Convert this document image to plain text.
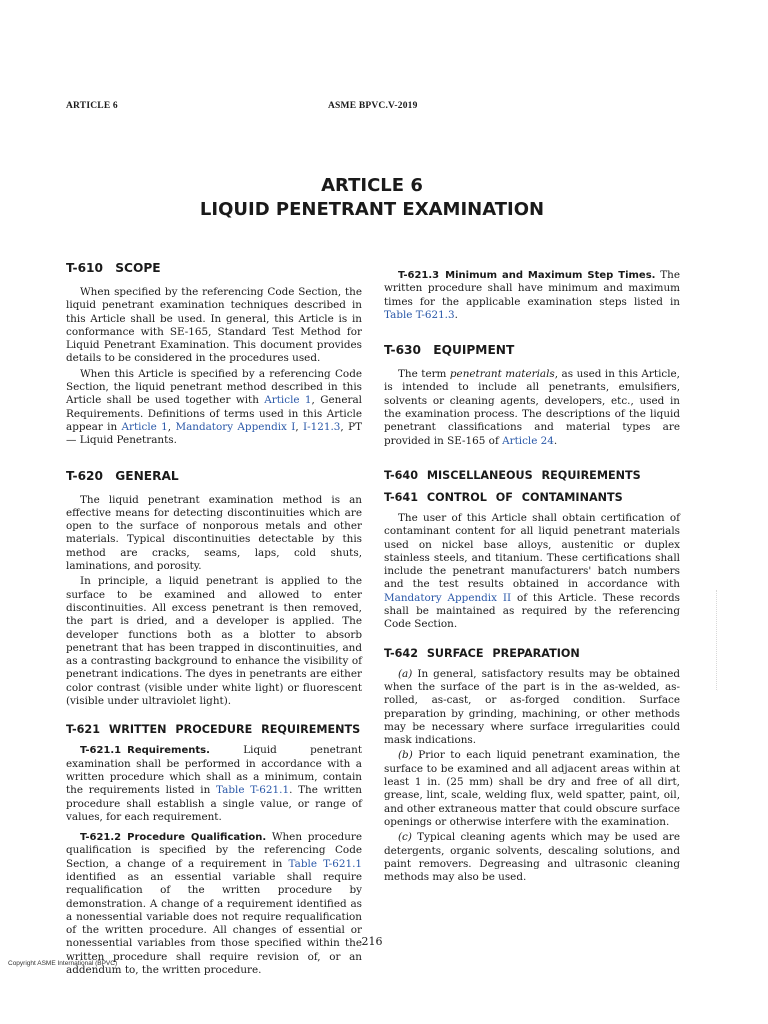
ARTICLE 6	ASME BPVC.V-2019
ARTICLE 6
LIQUID PENETRANT EXAMINATION
T-610 SCOPE

When specified by the referencing Code Section, the liquid penetrant examination techniques described in this Article shall be used. In general, this Article is in conformance with SE-165, Standard Test Method for Liquid Penetrant Examination. This document provides details to be considered in the procedures used.

When this Article is specified by a referencing Code Section, the liquid penetrant method described in this Article shall be used together with Article 1, General Requirements. Definitions of terms used in this Article appear in Article 1, Mandatory Appendix I, I-121.3, PT — Liquid Penetrants.

T-620 GENERAL

The liquid penetrant examination method is an effective means for detecting discontinuities which are open to the surface of nonporous metals and other materials. Typical discontinuities detectable by this method are cracks, seams, laps, cold shuts, laminations, and porosity.

In principle, a liquid penetrant is applied to the surface to be examined and allowed to enter discontinuities. All excess penetrant is then removed, the part is dried, and a developer is applied. The developer functions both as a blotter to absorb penetrant that has been trapped in discontinuities, and as a contrasting background to enhance the visibility of penetrant indications. The dyes in penetrants are either color contrast (visible under white light) or fluorescent (visible under ultraviolet light).

T-621 WRITTEN PROCEDURE REQUIREMENTS

T-621.1 Requirements. Liquid penetrant examination shall be performed in accordance with a written procedure which shall as a minimum, contain the requirements listed in Table T-621.1. The written procedure shall establish a single value, or range of values, for each requirement.

T-621.2 Procedure Qualification. When procedure qualification is specified by the referencing Code Section, a change of a requirement in Table T-621.1 identified as an essential variable shall require requalification of the written procedure by demonstration. A change of a requirement identified as a nonessential variable does not require requalification of the written procedure. All changes of essential or nonessential variables from those specified within the written procedure shall require revision of, or an addendum to, the written procedure.

T-621.3 Minimum and Maximum Step Times. The written procedure shall have minimum and maximum times for the applicable examination steps listed in Table T-621.3.

T-630 EQUIPMENT

The term penetrant materials, as used in this Article, is intended to include all penetrants, emulsifiers, solvents or cleaning agents, developers, etc., used in the examination process. The descriptions of the liquid penetrant classifications and material types are provided in SE-165 of Article 24.

T-640 MISCELLANEOUS REQUIREMENTS
T-641 CONTROL OF CONTAMINANTS

The user of this Article shall obtain certification of contaminant content for all liquid penetrant materials used on nickel base alloys, austenitic or duplex stainless steels, and titanium. These certifications shall include the penetrant manufacturers' batch numbers and the test results obtained in accordance with Mandatory Appendix II of this Article. These records shall be maintained as required by the referencing Code Section.

T-642 SURFACE PREPARATION

(a) In general, satisfactory results may be obtained when the surface of the part is in the as-welded, as-rolled, as-cast, or as-forged condition. Surface preparation by grinding, machining, or other methods may be necessary where surface irregularities could mask indications.

(b) Prior to each liquid penetrant examination, the surface to be examined and all adjacent areas within at least 1 in. (25 mm) shall be dry and free of all dirt, grease, lint, scale, welding flux, weld spatter, paint, oil, and other extraneous matter that could obscure surface openings or otherwise interfere with the examination.

(c) Typical cleaning agents which may be used are detergents, organic solvents, descaling solutions, and paint removers. Degreasing and ultrasonic cleaning methods may also be used.

216
Copyright ASME International (BPVC)
